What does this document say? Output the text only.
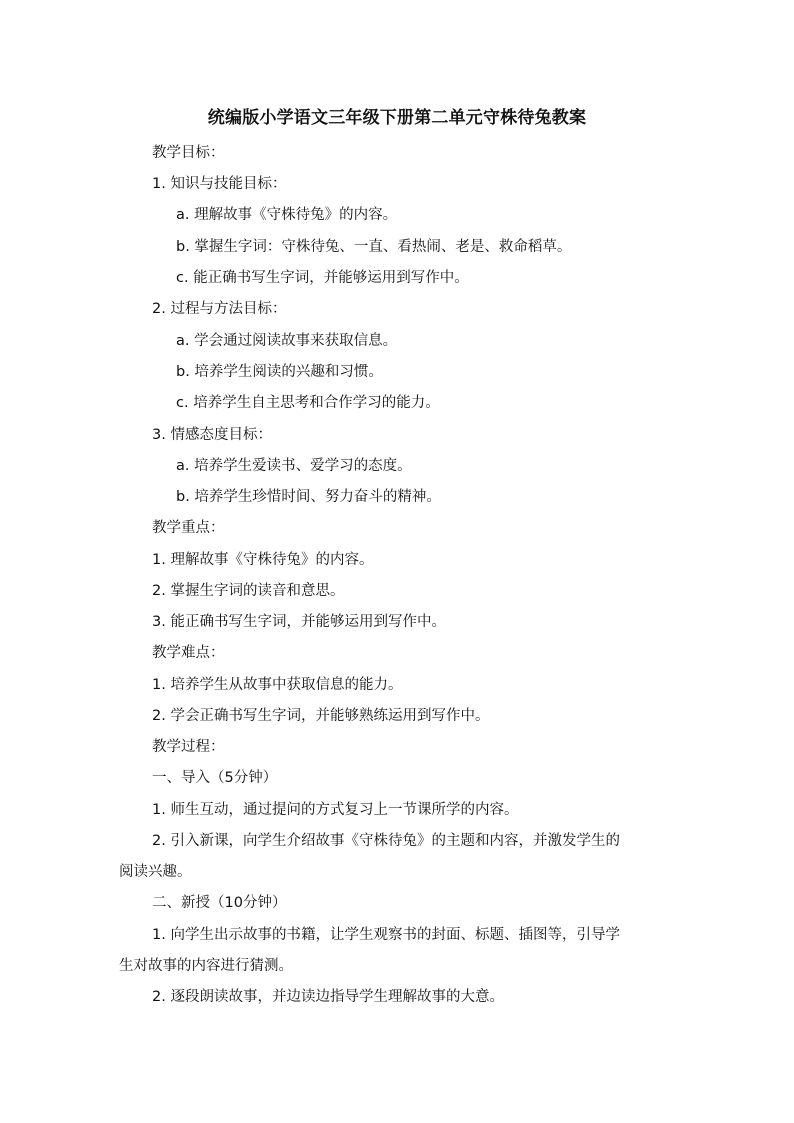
统编版小学语文三年级下册第二单元守株待兔教案
教学目标：
1. 知识与技能目标：
a. 理解故事《守株待兔》的内容。
b. 掌握生字词：守株待兔、一直、看热闹、老是、救命稻草。
c. 能正确书写生字词，并能够运用到写作中。
2. 过程与方法目标：
a. 学会通过阅读故事来获取信息。
b. 培养学生阅读的兴趣和习惯。
c. 培养学生自主思考和合作学习的能力。
3. 情感态度目标：
a. 培养学生爱读书、爱学习的态度。
b. 培养学生珍惜时间、努力奋斗的精神。
教学重点：
1. 理解故事《守株待兔》的内容。
2. 掌握生字词的读音和意思。
3. 能正确书写生字词，并能够运用到写作中。
教学难点：
1. 培养学生从故事中获取信息的能力。
2. 学会正确书写生字词，并能够熟练运用到写作中。
教学过程：
一、导入（5分钟）
1. 师生互动，通过提问的方式复习上一节课所学的内容。
2. 引入新课，向学生介绍故事《守株待兔》的主题和内容，并激发学生的
阅读兴趣。
二、新授（10分钟）
1. 向学生出示故事的书籍，让学生观察书的封面、标题、插图等，引导学
生对故事的内容进行猜测。
2. 逐段朗读故事，并边读边指导学生理解故事的大意。
